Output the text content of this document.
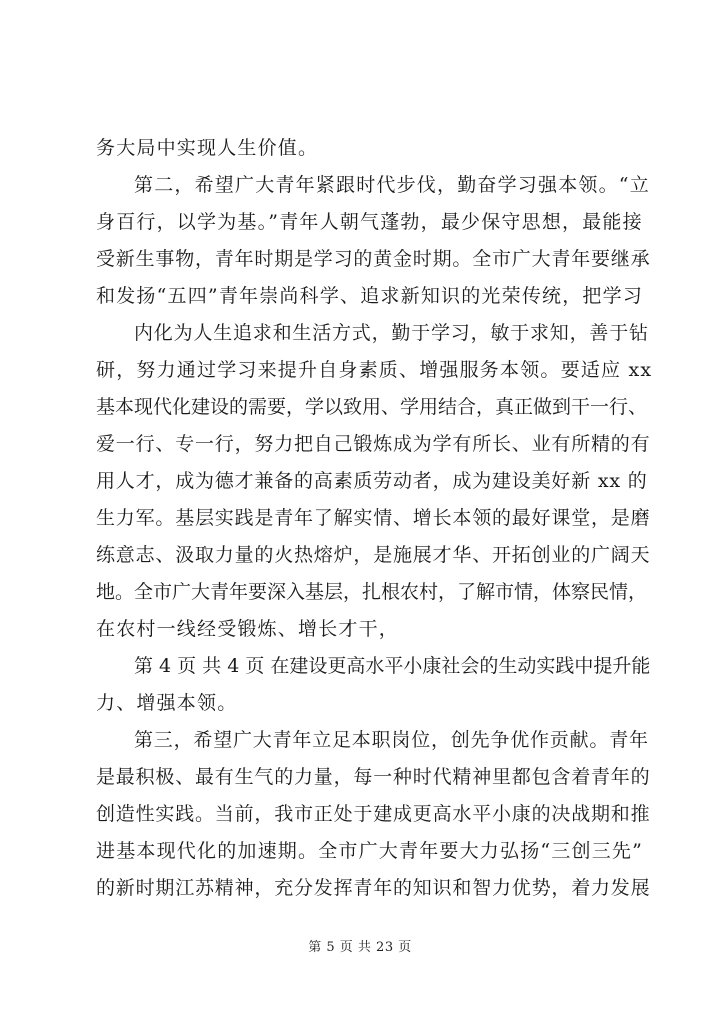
务大局中实现人生价值。
第二，希望广大青年紧跟时代步伐，勤奋学习强本领。“立
身百行，以学为基。”青年人朝气蓬勃，最少保守思想，最能接
受新生事物，青年时期是学习的黄金时期。全市广大青年要继承
和发扬“五四”青年崇尚科学、追求新知识的光荣传统，把学习
内化为人生追求和生活方式，勤于学习，敏于求知，善于钻
研，努力通过学习来提升自身素质、增强服务本领。要适应 xx
基本现代化建设的需要，学以致用、学用结合，真正做到干一行、
爱一行、专一行，努力把自己锻炼成为学有所长、业有所精的有
用人才，成为德才兼备的高素质劳动者，成为建设美好新 xx 的
生力军。基层实践是青年了解实情、增长本领的最好课堂，是磨
练意志、汲取力量的火热熔炉，是施展才华、开拓创业的广阔天
地。全市广大青年要深入基层，扎根农村，了解市情，体察民情，
在农村一线经受锻炼、增长才干，
第 4 页 共 4 页 在建设更高水平小康社会的生动实践中提升能
力、增强本领。
第三，希望广大青年立足本职岗位，创先争优作贡献。青年
是最积极、最有生气的力量，每一种时代精神里都包含着青年的
创造性实践。当前，我市正处于建成更高水平小康的决战期和推
进基本现代化的加速期。全市广大青年要大力弘扬“三创三先”
的新时期江苏精神，充分发挥青年的知识和智力优势，着力发展
第 5 页 共 23 页
